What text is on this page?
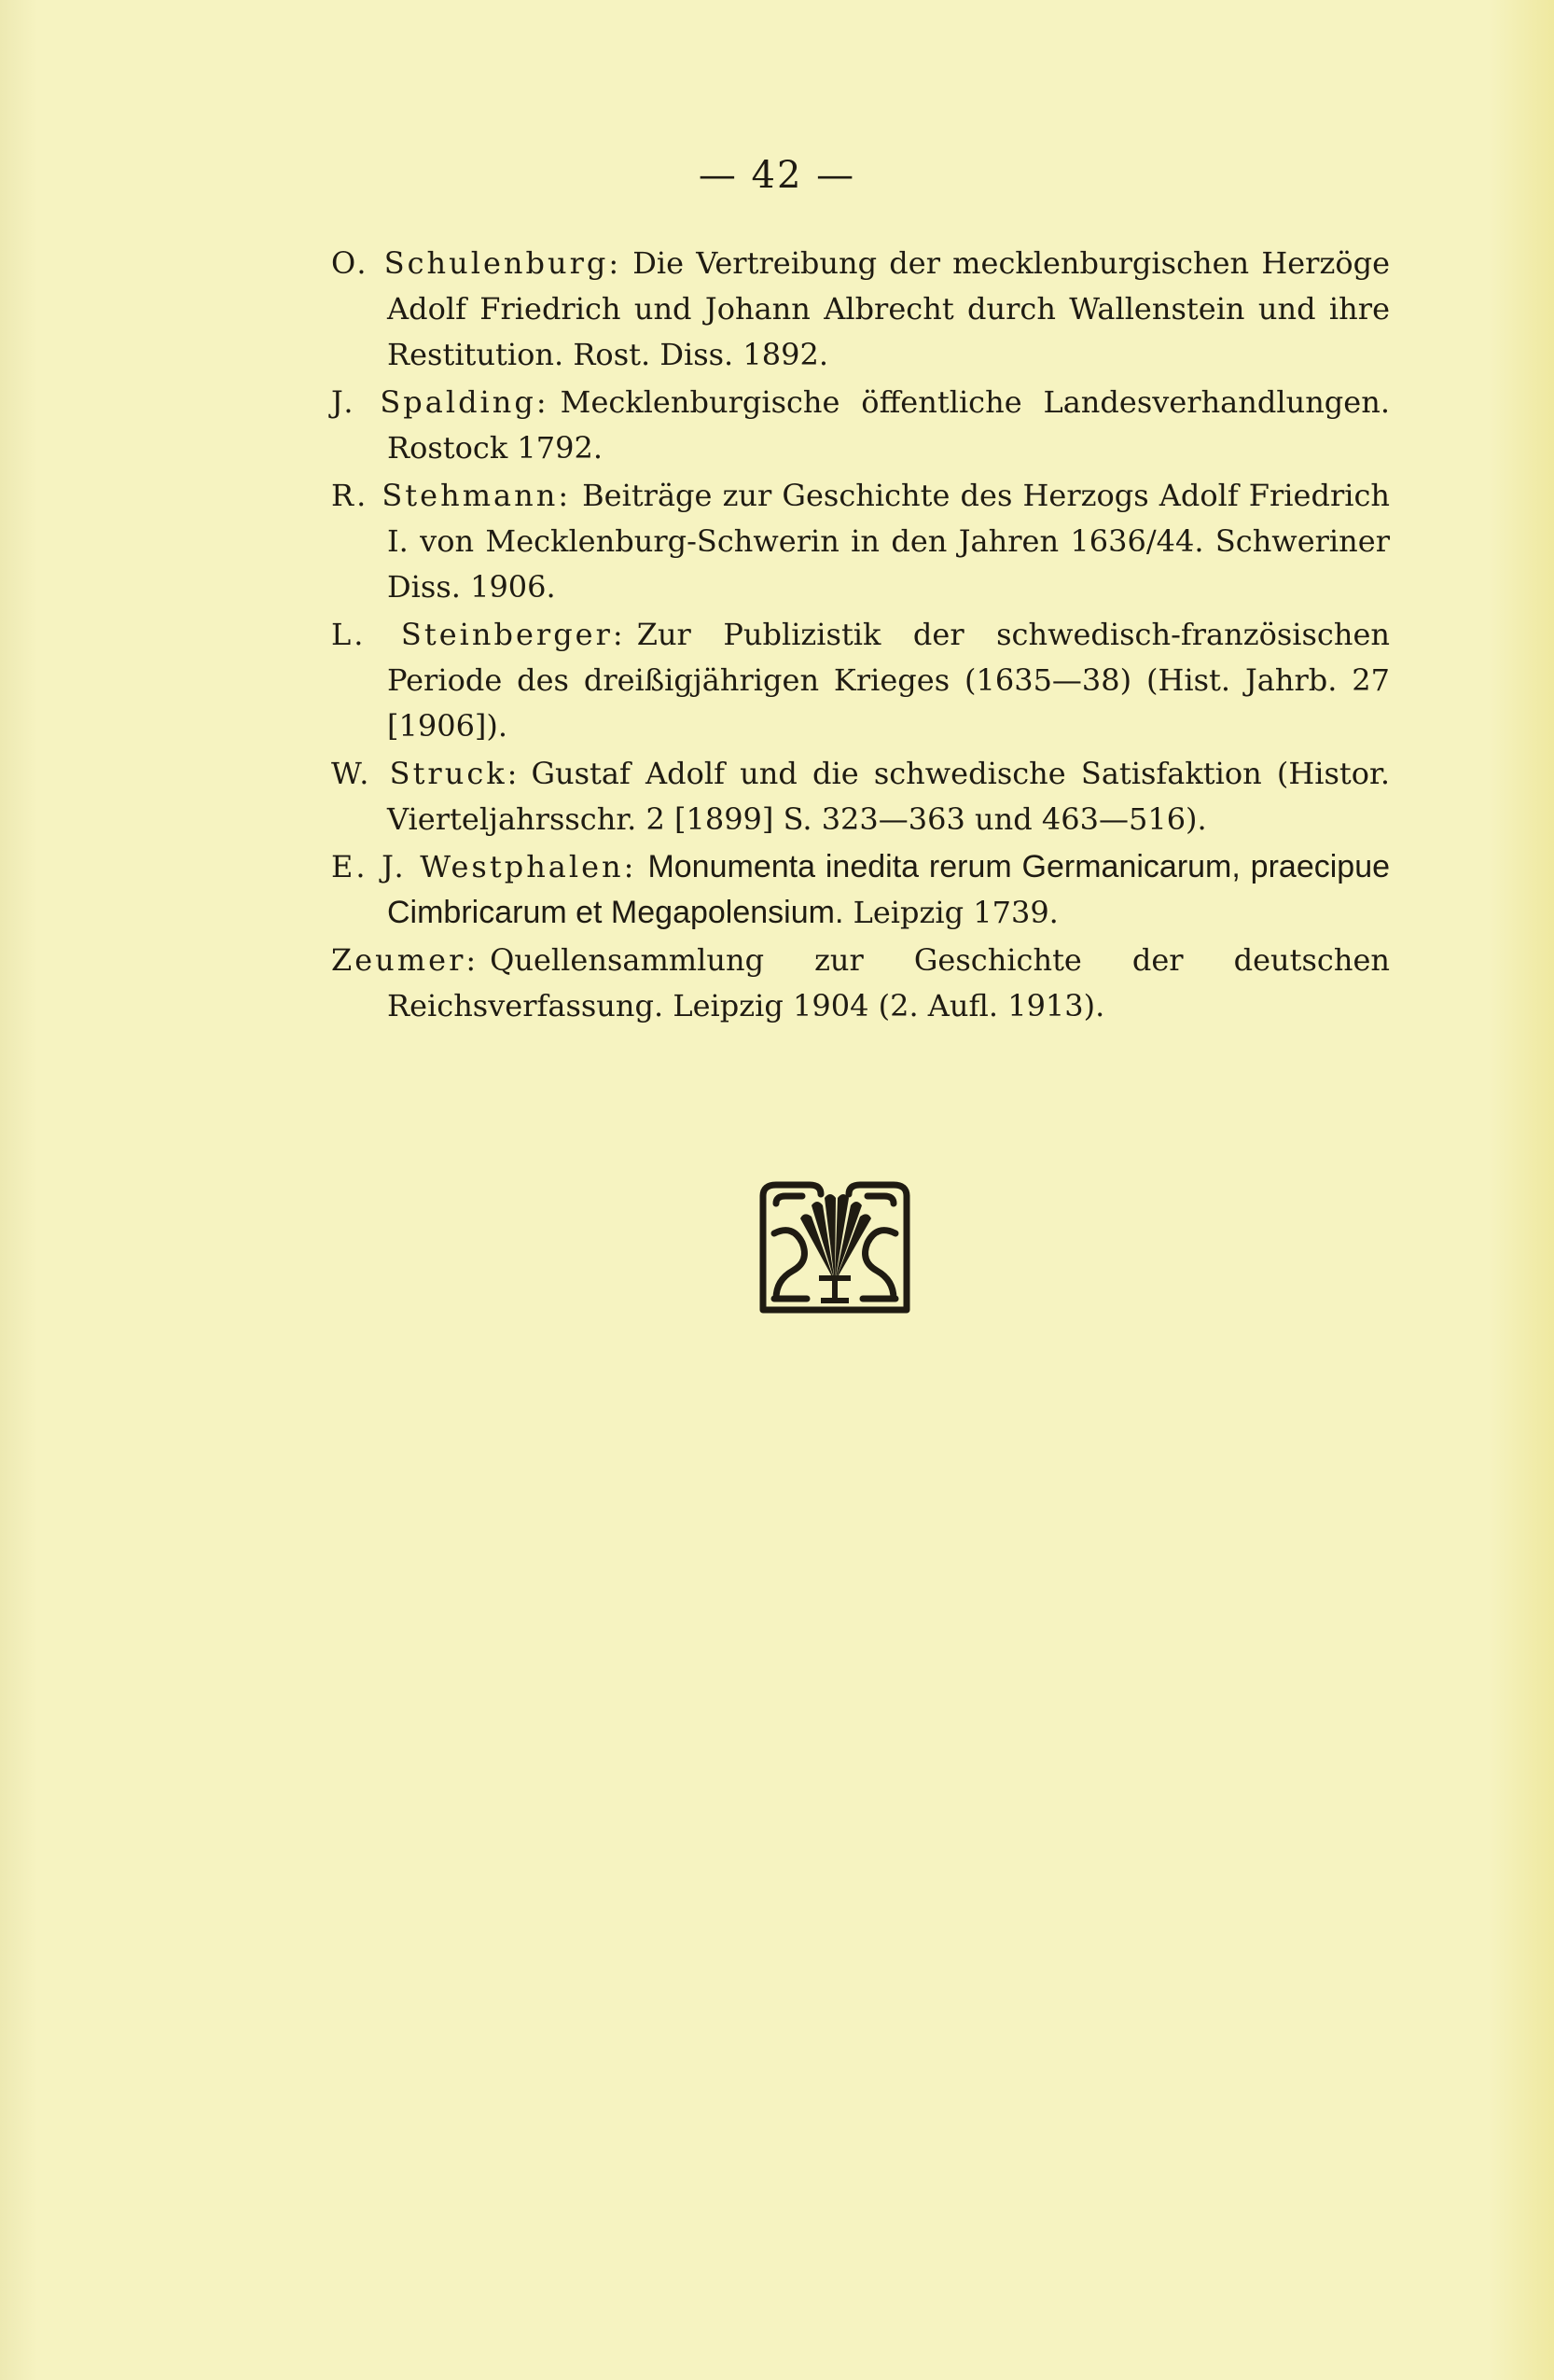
— 42 —
O. Schulenburg: Die Vertreibung der mecklenburgischen Herzöge Adolf Friedrich und Johann Albrecht durch Wallenstein und ihre Restitution. Rost. Diss. 1892.
J. Spalding: Mecklenburgische öffentliche Landesverhandlungen. Rostock 1792.
R. Stehmann: Beiträge zur Geschichte des Herzogs Adolf Friedrich I. von Mecklenburg-Schwerin in den Jahren 1636/44. Schweriner Diss. 1906.
L. Steinberger: Zur Publizistik der schwedisch-französischen Periode des dreißigjährigen Krieges (1635—38) (Hist. Jahrb. 27 [1906]).
W. Struck: Gustaf Adolf und die schwedische Satisfaktion (Histor. Vierteljahrsschr. 2 [1899] S. 323—363 und 463—516).
E. J. Westphalen: Monumenta inedita rerum Germanicarum, praecipue Cimbricarum et Megapolensium. Leipzig 1739.
Zeumer: Quellensammlung zur Geschichte der deutschen Reichsverfassung. Leipzig 1904 (2. Aufl. 1913).
